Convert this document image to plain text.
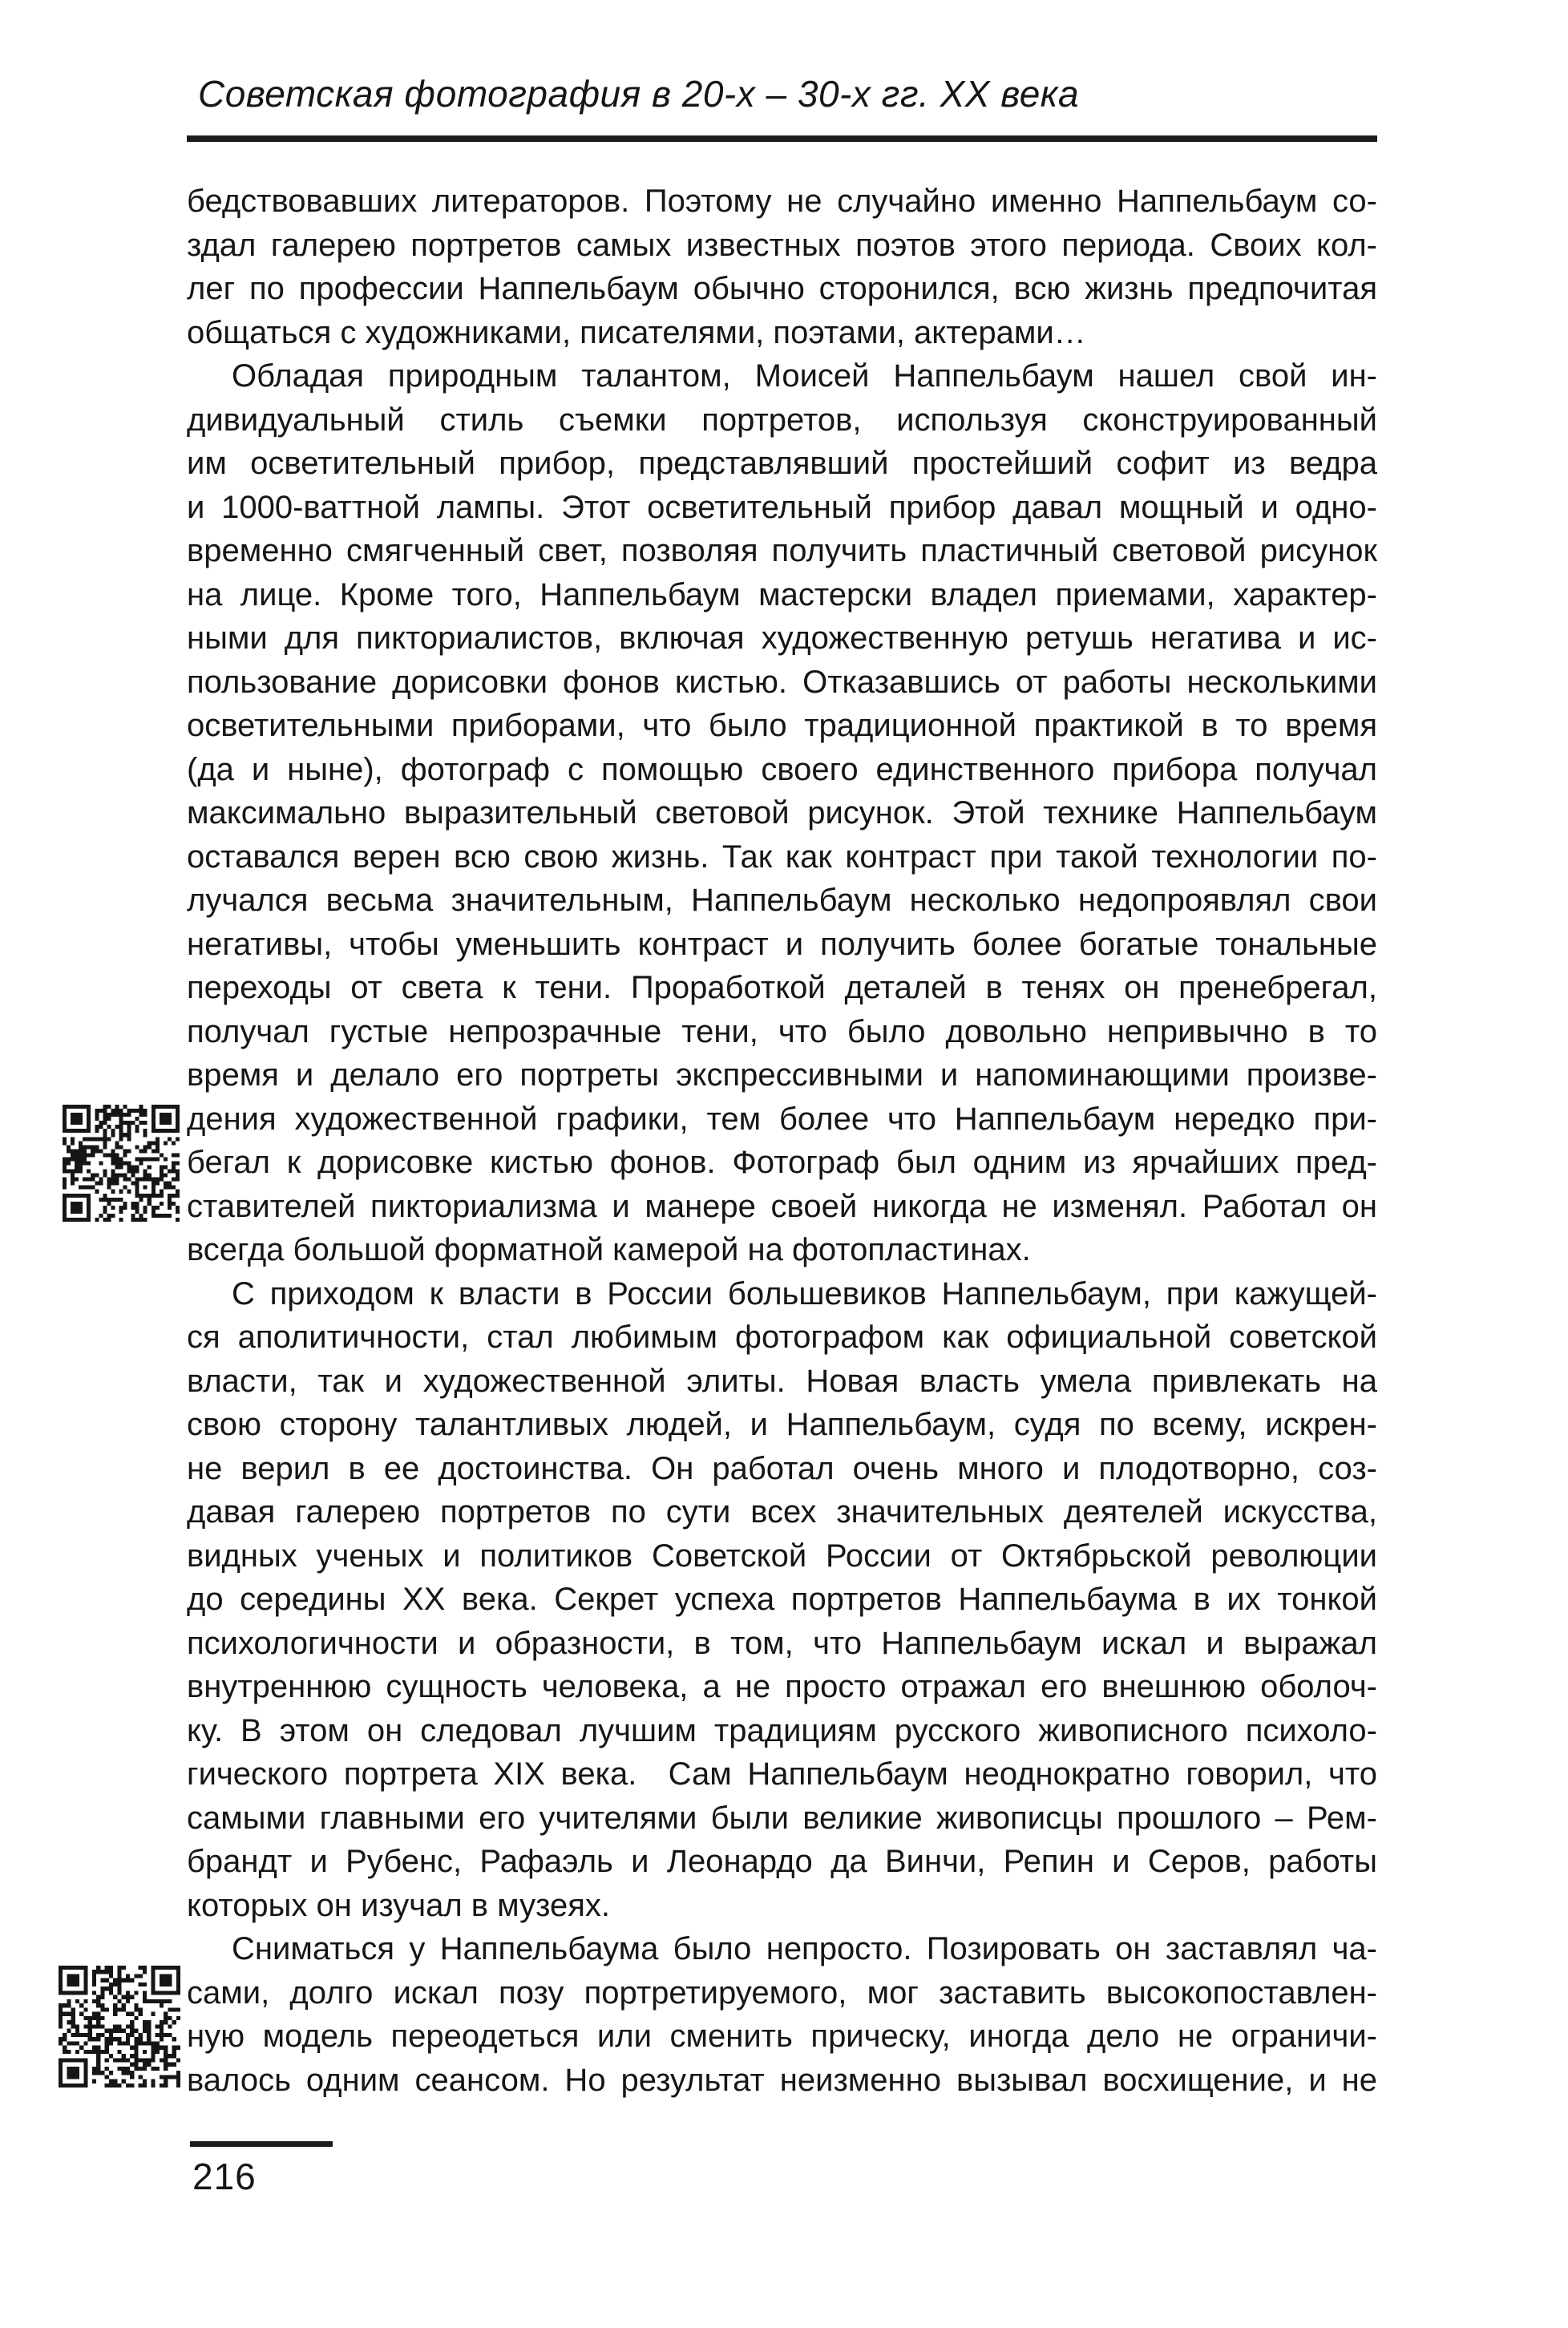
Советская фотография в 20-х – 30-х гг. ХХ века
бедствовавших литераторов. Поэтому не случайно именно Наппельбаум со-
здал галерею портретов самых известных поэтов этого периода. Своих кол-
лег по профессии Наппельбаум обычно сторонился, всю жизнь предпочитая
общаться с художниками, писателями, поэтами, актерами…
Обладая природным талантом, Моисей Наппельбаум нашел свой ин-
дивидуальный стиль съемки портретов, используя сконструированный
им осветительный прибор, представлявший простейший софит из ведра
и 1000-ваттной лампы. Этот осветительный прибор давал мощный и одно-
временно смягченный свет, позволяя получить пластичный световой рисунок
на лице. Кроме того, Наппельбаум мастерски владел приемами, характер-
ными для пикториалистов, включая художественную ретушь негатива и ис-
пользование дорисовки фонов кистью. Отказавшись от работы несколькими
осветительными приборами, что было традиционной практикой в то время
(да и ныне), фотограф с помощью своего единственного прибора получал
максимально выразительный световой рисунок. Этой технике Наппельбаум
оставался верен всю свою жизнь. Так как контраст при такой технологии по-
лучался весьма значительным, Наппельбаум несколько недопроявлял свои
негативы, чтобы уменьшить контраст и получить более богатые тональные
переходы от света к тени. Проработкой деталей в тенях он пренебрегал,
получал густые непрозрачные тени, что было довольно непривычно в то
время и делало его портреты экспрессивными и напоминающими произве-
дения художественной графики, тем более что Наппельбаум нередко при-
бегал к дорисовке кистью фонов. Фотограф был одним из ярчайших пред-
ставителей пикториализма и манере своей никогда не изменял. Работал он
всегда большой форматной камерой на фотопластинах.
С приходом к власти в России большевиков Наппельбаум, при кажущей-
ся аполитичности, стал любимым фотографом как официальной советской
власти, так и художественной элиты. Новая власть умела привлекать на
свою сторону талантливых людей, и Наппельбаум, судя по всему, искрен-
не верил в ее достоинства. Он работал очень много и плодотворно, соз-
давая галерею портретов по сути всех значительных деятелей искусства,
видных ученых и политиков Советской России от Октябрьской революции
до середины ХХ века. Секрет успеха портретов Наппельбаума в их тонкой
психологичности и образности, в том, что Наппельбаум искал и выражал
внутреннюю сущность человека, а не просто отражал его внешнюю оболоч-
ку. В этом он следовал лучшим традициям русского живописного психоло-
гического портрета XIX века.  Сам Наппельбаум неоднократно говорил, что
самыми главными его учителями были великие живописцы прошлого – Рем-
брандт и Рубенс, Рафаэль и Леонардо да Винчи, Репин и Серов, работы
которых он изучал в музеях.
Сниматься у Наппельбаума было непросто. Позировать он заставлял ча-
сами, долго искал позу портретируемого, мог заставить высокопоставлен-
ную модель переодеться или сменить прическу, иногда дело не ограничи-
валось одним сеансом. Но результат неизменно вызывал восхищение, и не
216
